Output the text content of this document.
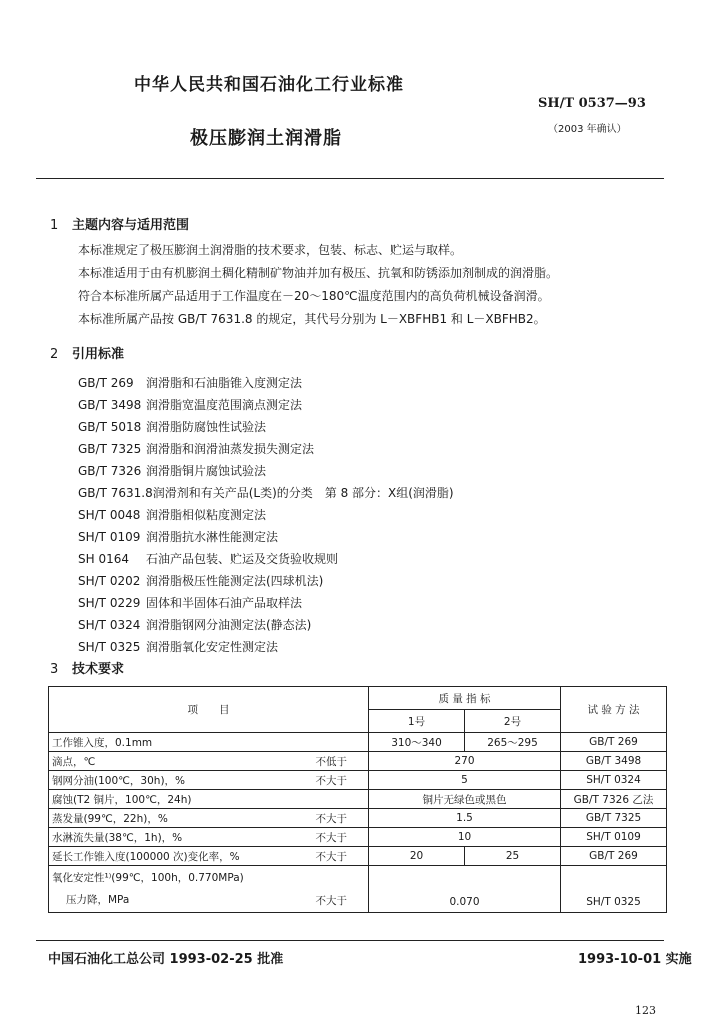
中华人民共和国石油化工行业标准
SH/T 0537—93
（2003 年确认）
极压膨润土润滑脂
1 主题内容与适用范围
本标准规定了极压膨润土润滑脂的技术要求，包装、标志、贮运与取样。
本标准适用于由有机膨润土稠化精制矿物油并加有极压、抗氧和防锈添加剂制成的润滑脂。
符合本标准所属产品适用于工作温度在－20～180℃温度范围内的高负荷机械设备润滑。
本标准所属产品按 GB/T 7631.8 的规定，其代号分别为 L－XBFHB1 和 L－XBFHB2。
2 引用标准
GB/T 269 润滑脂和石油脂锥入度测定法
GB/T 3498 润滑脂宽温度范围滴点测定法
GB/T 5018 润滑脂防腐蚀性试验法
GB/T 7325 润滑脂和润滑油蒸发损失测定法
GB/T 7326 润滑脂铜片腐蚀试验法
GB/T 7631.8润滑剂和有关产品(L类)的分类　第 8 部分：X组(润滑脂)
SH/T 0048 润滑脂相似粘度测定法
SH/T 0109 润滑脂抗水淋性能测定法
SH 0164 石油产品包装、贮运及交货验收规则
SH/T 0202 润滑脂极压性能测定法(四球机法)
SH/T 0229 固体和半固体石油产品取样法
SH/T 0324 润滑脂钢网分油测定法(静态法)
SH/T 0325 润滑脂氧化安定性测定法
3 技术要求
项　　目		质 量 指 标		试 验 方 法
		1号	2号	
工作锥入度，0.1mm		310～340	265～295	GB/T 269
滴点，℃	不低于	270		GB/T 3498
钢网分油(100℃，30h)，%	不大于	5		SH/T 0324
腐蚀(T2 铜片，100℃，24h)		铜片无绿色或黑色		GB/T 7326 乙法
蒸发量(99℃，22h)，%	不大于	1.5		GB/T 7325
水淋流失量(38℃，1h)，%	不大于	10		SH/T 0109
延长工作锥入度(100000 次)变化率，%	不大于	20	25	GB/T 269

氧化安定性¹⁾(99℃，100h，0.770MPa)
压力降，MPa	不大于	0.070		SH/T 0325
中国石油化工总公司 1993-02-25 批准	1993-10-01 实施
123
